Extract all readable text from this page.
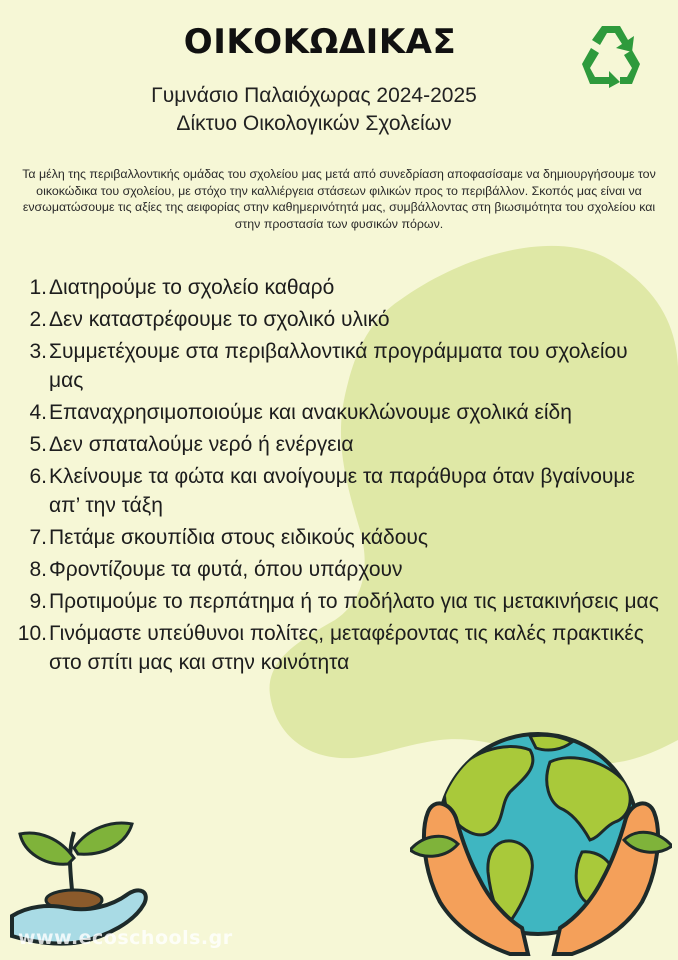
ΟΙΚΟΚΩΔΙΚΑΣ
Γυμνάσιο Παλαιόχωρας 2024-2025
Δίκτυο Οικολογικών Σχολείων
Τα μέλη της περιβαλλοντικής ομάδας του σχολείου μας μετά από συνεδρίαση αποφασίσαμε να δημιουργήσουμε τον οικοκώδικα του σχολείου, με στόχο την καλλιέργεια στάσεων φιλικών προς το περιβάλλον. Σκοπός μας είναι να ενσωματώσουμε τις αξίες της αειφορίας στην καθημερινότητά μας, συμβάλλοντας στη βιωσιμότητα του σχολείου και στην προστασία των φυσικών πόρων.
1. Διατηρούμε το σχολείο καθαρό
2. Δεν καταστρέφουμε το σχολικό υλικό
3. Συμμετέχουμε στα περιβαλλοντικά προγράμματα του σχολείου μας
4. Επαναχρησιμοποιούμε και ανακυκλώνουμε σχολικά είδη
5. Δεν σπαταλούμε νερό ή ενέργεια
6. Κλείνουμε τα φώτα και ανοίγουμε τα παράθυρα όταν βγαίνουμε απ’ την τάξη
7. Πετάμε σκουπίδια στους ειδικούς κάδους
8. Φροντίζουμε τα φυτά, όπου υπάρχουν
9. Προτιμούμε το περπάτημα ή το ποδήλατο για τις μετακινήσεις μας
10. Γινόμαστε υπεύθυνοι πολίτες, μεταφέροντας τις καλές πρακτικές στο σπίτι μας και στην κοινότητα
www.ecoschools.gr
